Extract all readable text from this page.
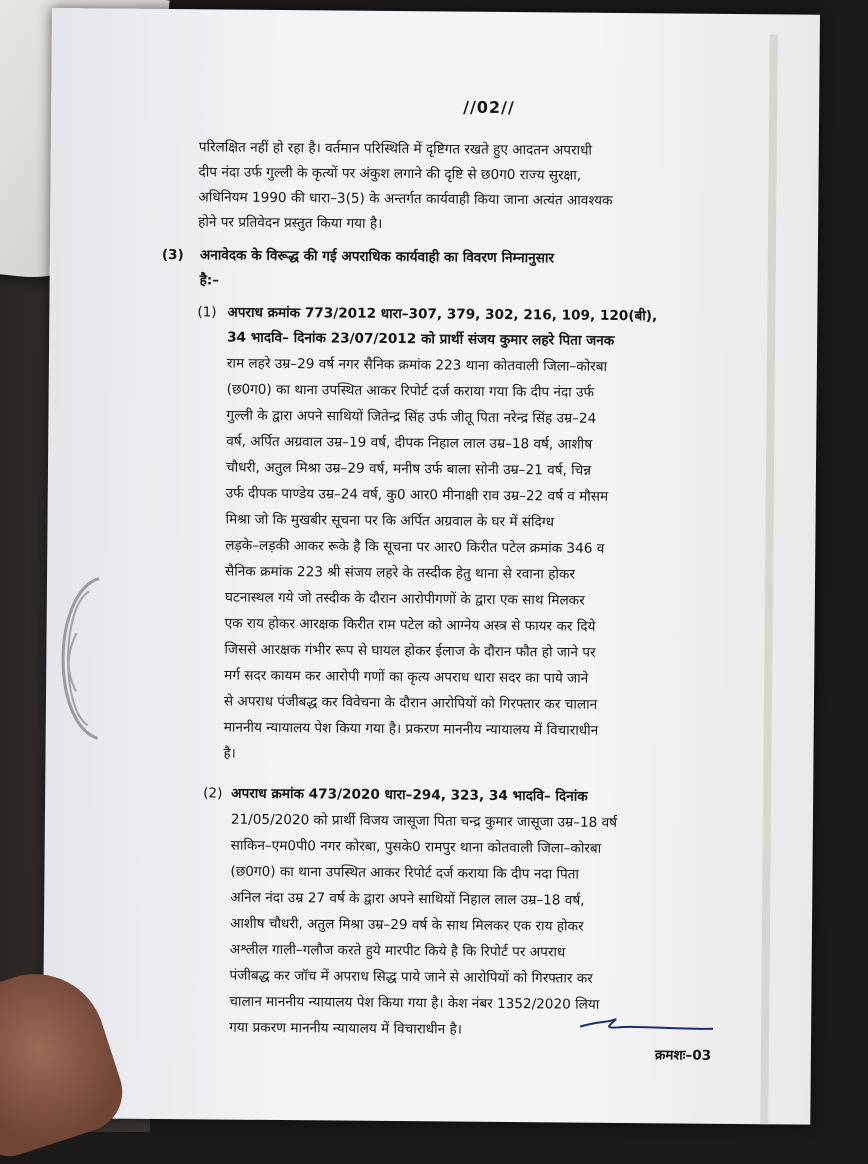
//02//
परिलक्षित नहीं हो रहा है। वर्तमान परिस्थिति में दृष्टिगत रखते हुए आदतन अपराधी
दीप नंदा उर्फ गुल्ली के कृत्यों पर अंकुश लगाने की दृष्टि से छ0ग0 राज्य सुरक्षा,
अधिनियम 1990 की धारा–3(5) के अन्तर्गत कार्यवाही किया जाना अत्यंत आवश्यक
होने पर प्रतिवेदन प्रस्तुत किया गया है।
(3) अनावेदक के विरूद्ध की गई अपराधिक कार्यवाही का विवरण निम्नानुसार
है:–
(1) अपराध क्रमांक 773/2012 धारा–307, 379, 302, 216, 109, 120(बी),
34 भादवि– दिनांक 23/07/2012 को प्रार्थी संजय कुमार लहरे पिता जनक
राम लहरे उम्र–29 वर्ष नगर सैनिक क्रमांक 223 थाना कोतवाली जिला–कोरबा
(छ0ग0) का थाना उपस्थित आकर रिपोर्ट दर्ज कराया गया कि दीप नंदा उर्फ
गुल्ली के द्वारा अपने साथियों जितेन्द्र सिंह उर्फ जीतू पिता नरेन्द्र सिंह उम्र–24
वर्ष, अर्पित अग्रवाल उम्र–19 वर्ष, दीपक निहाल लाल उम्र–18 वर्ष, आशीष
चौधरी, अतुल मिश्रा उम्र–29 वर्ष, मनीष उर्फ बाला सोनी उम्र–21 वर्ष, चिन्न
उर्फ दीपक पाण्डेय उम्र–24 वर्ष, कु0 आर0 मीनाक्षी राव उम्र–22 वर्ष व मौसम
मिश्रा जो कि मुखबीर सूचना पर कि अर्पित अग्रवाल के घर में संदिग्ध
लड़के–लड़की आकर रूके है कि सूचना पर आर0 किरीत पटेल क्रमांक 346 व
सैनिक क्रमांक 223 श्री संजय लहरे के तस्दीक हेतु थाना से रवाना होकर
घटनास्थल गये जो तस्दीक के दौरान आरोपीगणों के द्वारा एक साथ मिलकर
एक राय होकर आरक्षक किरीत राम पटेल को आग्नेय अस्त्र से फायर कर दिये
जिससे आरक्षक गंभीर रूप से घायल होकर ईलाज के दौरान फौत हो जाने पर
मर्ग सदर कायम कर आरोपी गणों का कृत्य अपराध धारा सदर का पाये जाने
से अपराध पंजीबद्ध कर विवेचना के दौरान आरोपियों को गिरफ्तार कर चालान
माननीय न्यायालय पेश किया गया है। प्रकरण माननीय न्यायालय में विचाराधीन
है।
(2) अपराध क्रमांक 473/2020 धारा–294, 323, 34 भादवि– दिनांक
21/05/2020 को प्रार्थी विजय जासूजा पिता चन्द्र कुमार जासूजा उम्र–18 वर्ष
साकिन–एम0पी0 नगर कोरबा, पुसके0 रामपुर थाना कोतवाली जिला–कोरबा
(छ0ग0) का थाना उपस्थित आकर रिपोर्ट दर्ज कराया कि दीप नदा पिता
अनिल नंदा उम्र 27 वर्ष के द्वारा अपने साथियों निहाल लाल उम्र–18 वर्ष,
आशीष चौधरी, अतुल मिश्रा उम्र–29 वर्ष के साथ मिलकर एक राय होकर
अश्लील गाली–गलौज करते हुये मारपीट किये है कि रिपोर्ट पर अपराध
पंजीबद्ध कर जॉच में अपराध सिद्ध पाये जाने से आरोपियों को गिरफ्तार कर
चालान माननीय न्यायालय पेश किया गया है। केश नंबर 1352/2020 लिया
गया प्रकरण माननीय न्यायालय में विचाराधीन है।
क्रमशः–03
